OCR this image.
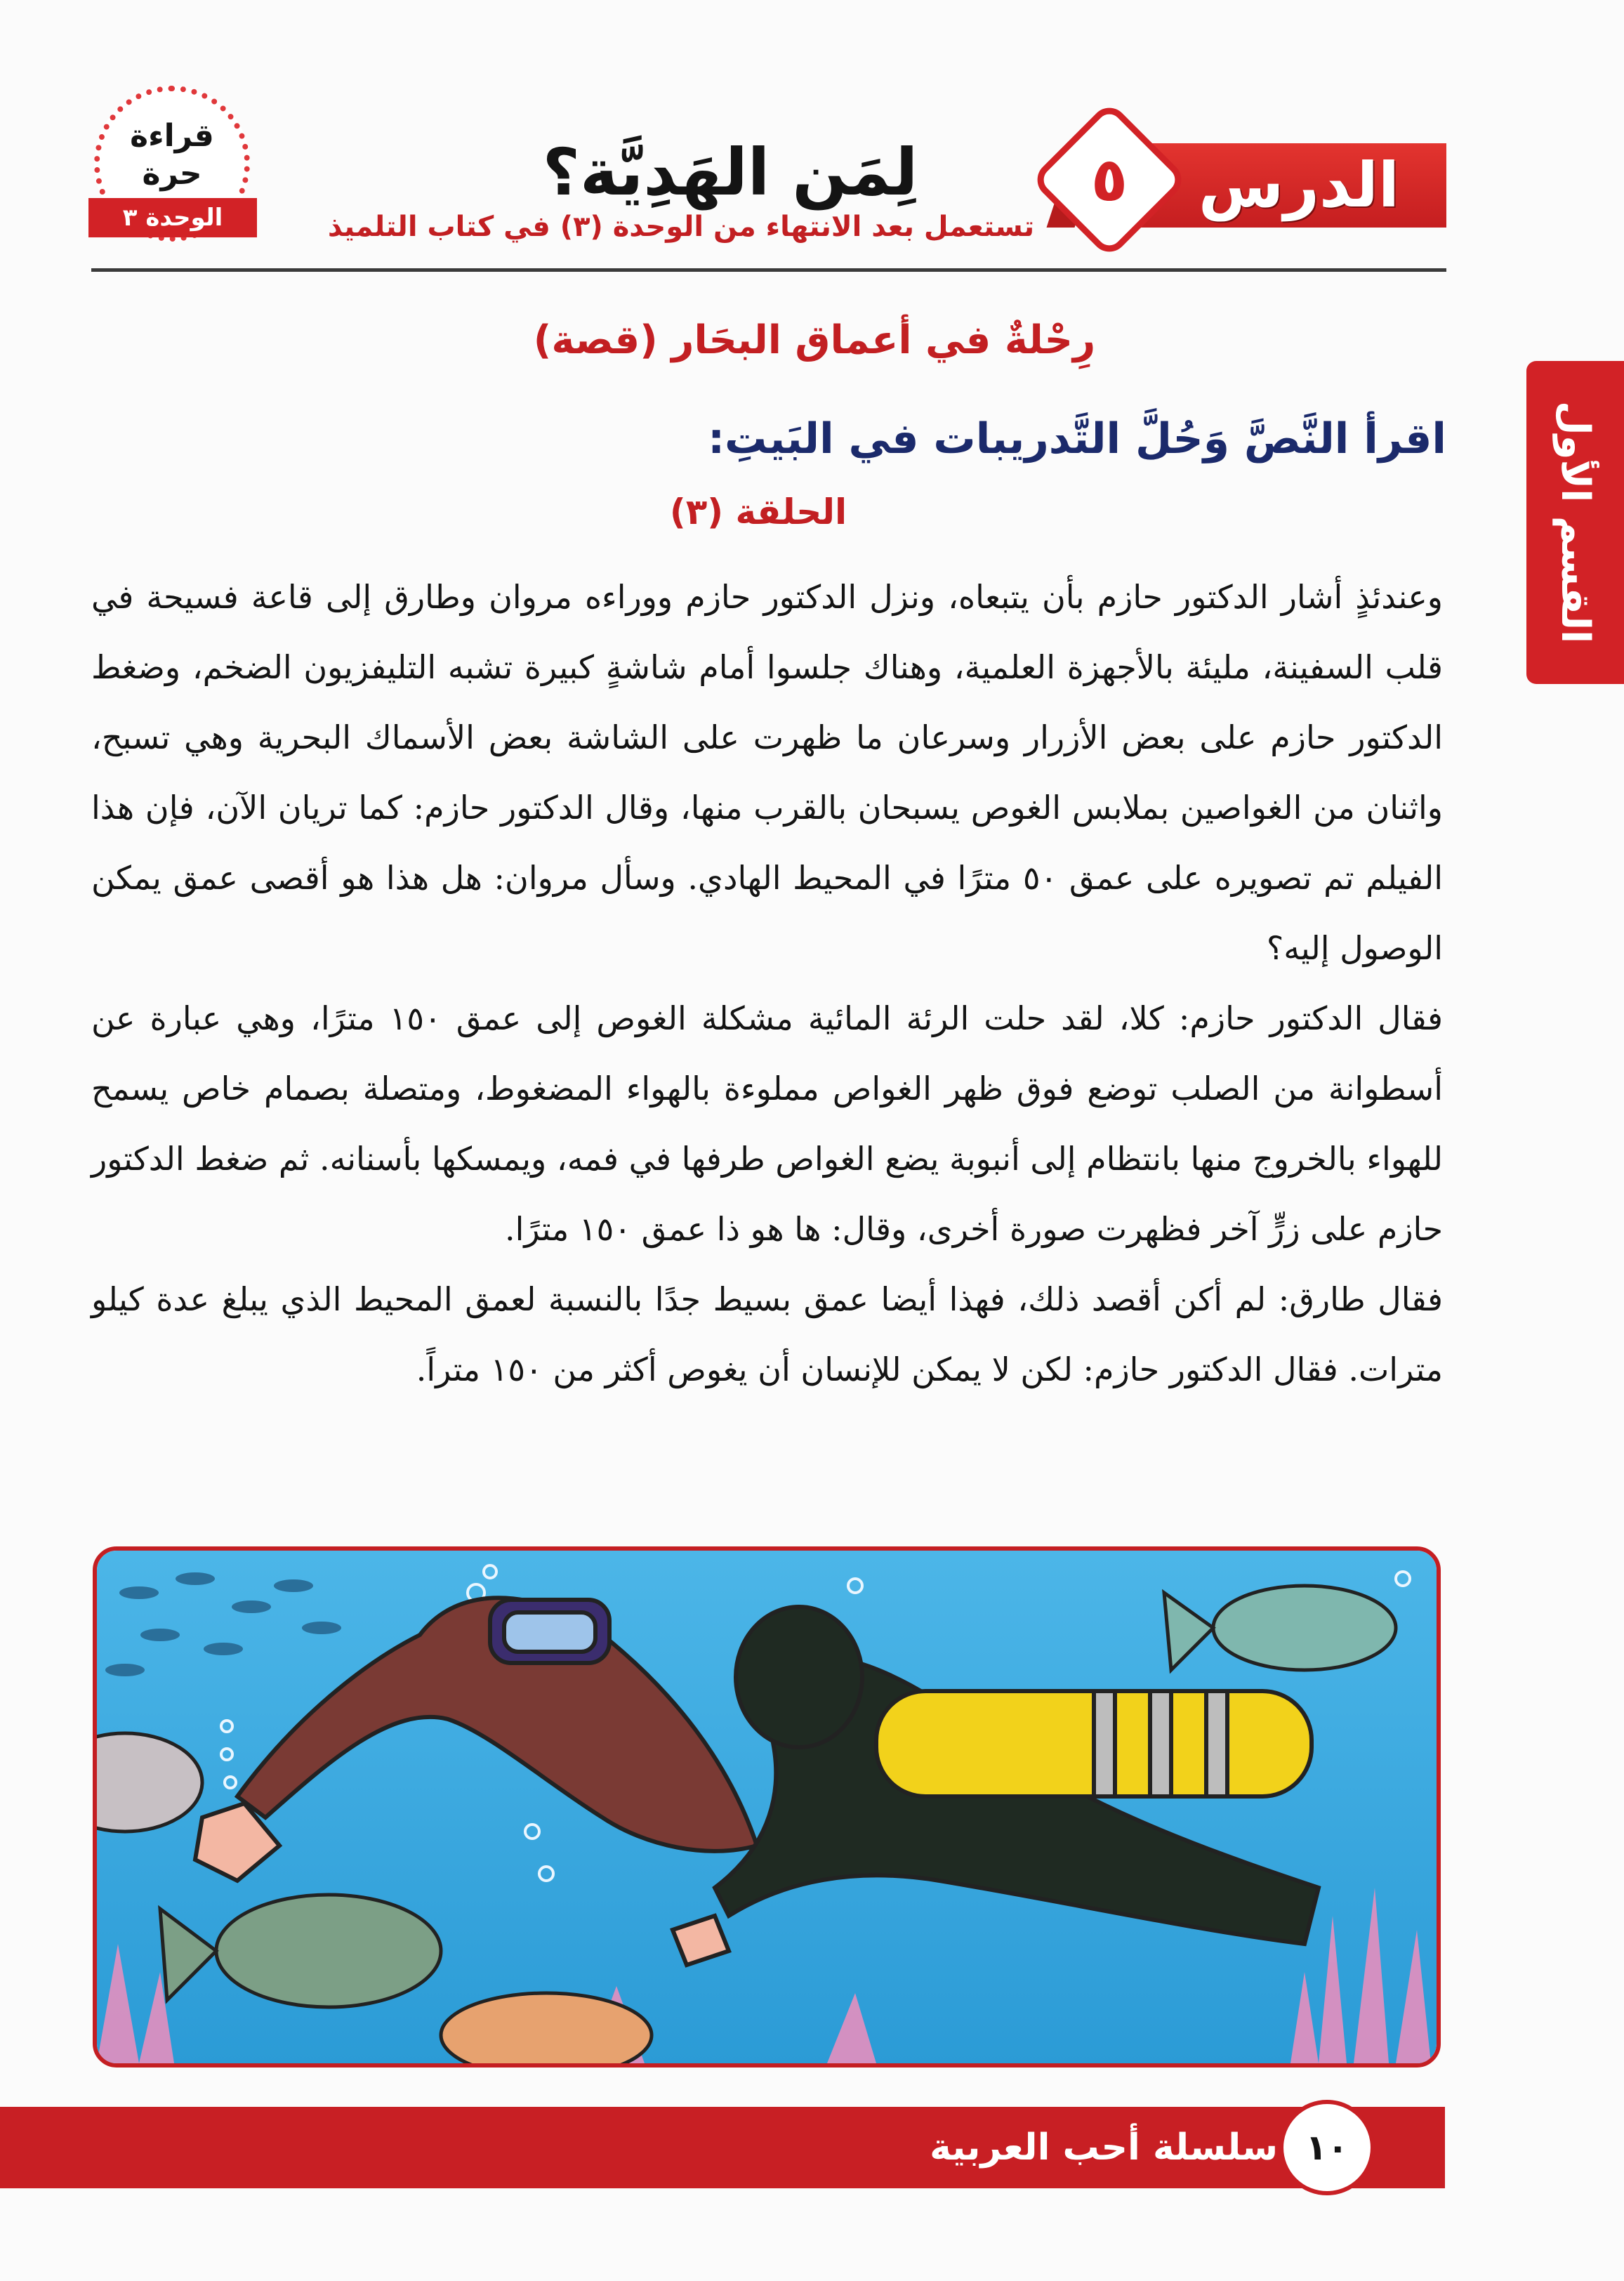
الدرس
٥
قراءة
حرة
الوحدة ٣
لِمَن الهَدِيَّة؟
تستعمل بعد الانتهاء من الوحدة (٣) في كتاب التلميذ
القسم الأول
رِحْلةٌ في أعماق البحَار (قصة)
اقرأ النَّصَّ وَحُلَّ التَّدريبات في البَيتِ:
الحلقة (٣)

وعندئذٍ أشار الدكتور حازم بأن يتبعاه، ونزل الدكتور حازم ووراءه مروان وطارق إلى قاعة فسيحة في قلب السفينة، مليئة بالأجهزة العلمية، وهناك جلسوا أمام شاشةٍ كبيرة تشبه التليفزيون الضخم، وضغط الدكتور حازم على بعض الأزرار وسرعان ما ظهرت على الشاشة بعض الأسماك البحرية وهي تسبح، واثنان من الغواصين بملابس الغوص يسبحان بالقرب منها، وقال الدكتور حازم: كما تريان الآن، فإن هذا الفيلم تم تصويره على عمق ٥٠ مترًا في المحيط الهادي. وسأل مروان: هل هذا هو أقصى عمق يمكن الوصول إليه؟

فقال الدكتور حازم: كلا، لقد حلت الرئة المائية مشكلة الغوص إلى عمق ١٥٠ مترًا، وهي عبارة عن أسطوانة من الصلب توضع فوق ظهر الغواص مملوءة بالهواء المضغوط، ومتصلة بصمام خاص يسمح للهواء بالخروج منها بانتظام إلى أنبوبة يضع الغواص طرفها في فمه، ويمسكها بأسنانه. ثم ضغط الدكتور حازم على زرٍّ آخر فظهرت صورة أخرى، وقال: ها هو ذا عمق ١٥٠ مترًا.

فقال طارق: لم أكن أقصد ذلك، فهذا أيضا عمق بسيط جدًا بالنسبة لعمق المحيط الذي يبلغ عدة كيلو مترات. فقال الدكتور حازم: لكن لا يمكن للإنسان أن يغوص أكثر من ١٥٠ متراً.

سلسلة أحب العربية ١٠
